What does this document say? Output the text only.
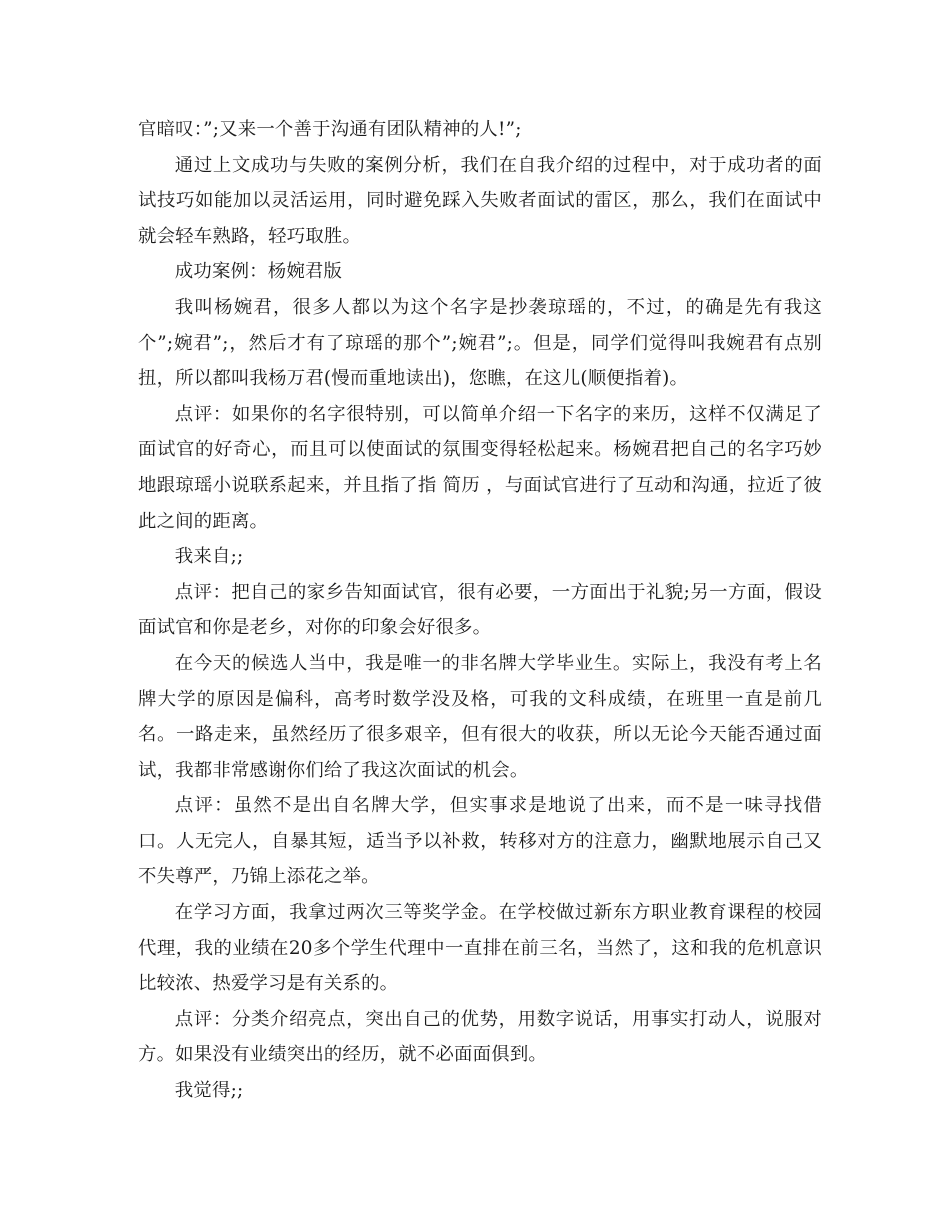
官暗叹：”;又来一个善于沟通有团队精神的人!”;

通过上文成功与失败的案例分析，我们在自我介绍的过程中，对于成功者的面试技巧如能加以灵活运用，同时避免踩入失败者面试的雷区，那么，我们在面试中就会轻车熟路，轻巧取胜。

成功案例：杨婉君版

我叫杨婉君，很多人都以为这个名字是抄袭琼瑶的，不过，的确是先有我这个”;婉君”;，然后才有了琼瑶的那个”;婉君”;。但是，同学们觉得叫我婉君有点别扭，所以都叫我杨万君(慢而重地读出)，您瞧，在这儿(顺便指着)。

点评：如果你的名字很特别，可以简单介绍一下名字的来历，这样不仅满足了面试官的好奇心，而且可以使面试的氛围变得轻松起来。杨婉君把自己的名字巧妙地跟琼瑶小说联系起来，并且指了指 简历 ，与面试官进行了互动和沟通，拉近了彼此之间的距离。

我来自;;

点评：把自己的家乡告知面试官，很有必要，一方面出于礼貌;另一方面，假设面试官和你是老乡，对你的印象会好很多。

在今天的候选人当中，我是唯一的非名牌大学毕业生。实际上，我没有考上名牌大学的原因是偏科，高考时数学没及格，可我的文科成绩，在班里一直是前几名。一路走来，虽然经历了很多艰辛，但有很大的收获，所以无论今天能否通过面试，我都非常感谢你们给了我这次面试的机会。

点评：虽然不是出自名牌大学，但实事求是地说了出来，而不是一味寻找借口。人无完人，自暴其短，适当予以补救，转移对方的注意力，幽默地展示自己又不失尊严，乃锦上添花之举。

在学习方面，我拿过两次三等奖学金。在学校做过新东方职业教育课程的校园代理，我的业绩在20多个学生代理中一直排在前三名，当然了，这和我的危机意识比较浓、热爱学习是有关系的。

点评：分类介绍亮点，突出自己的优势，用数字说话，用事实打动人，说服对方。如果没有业绩突出的经历，就不必面面俱到。

我觉得;;
